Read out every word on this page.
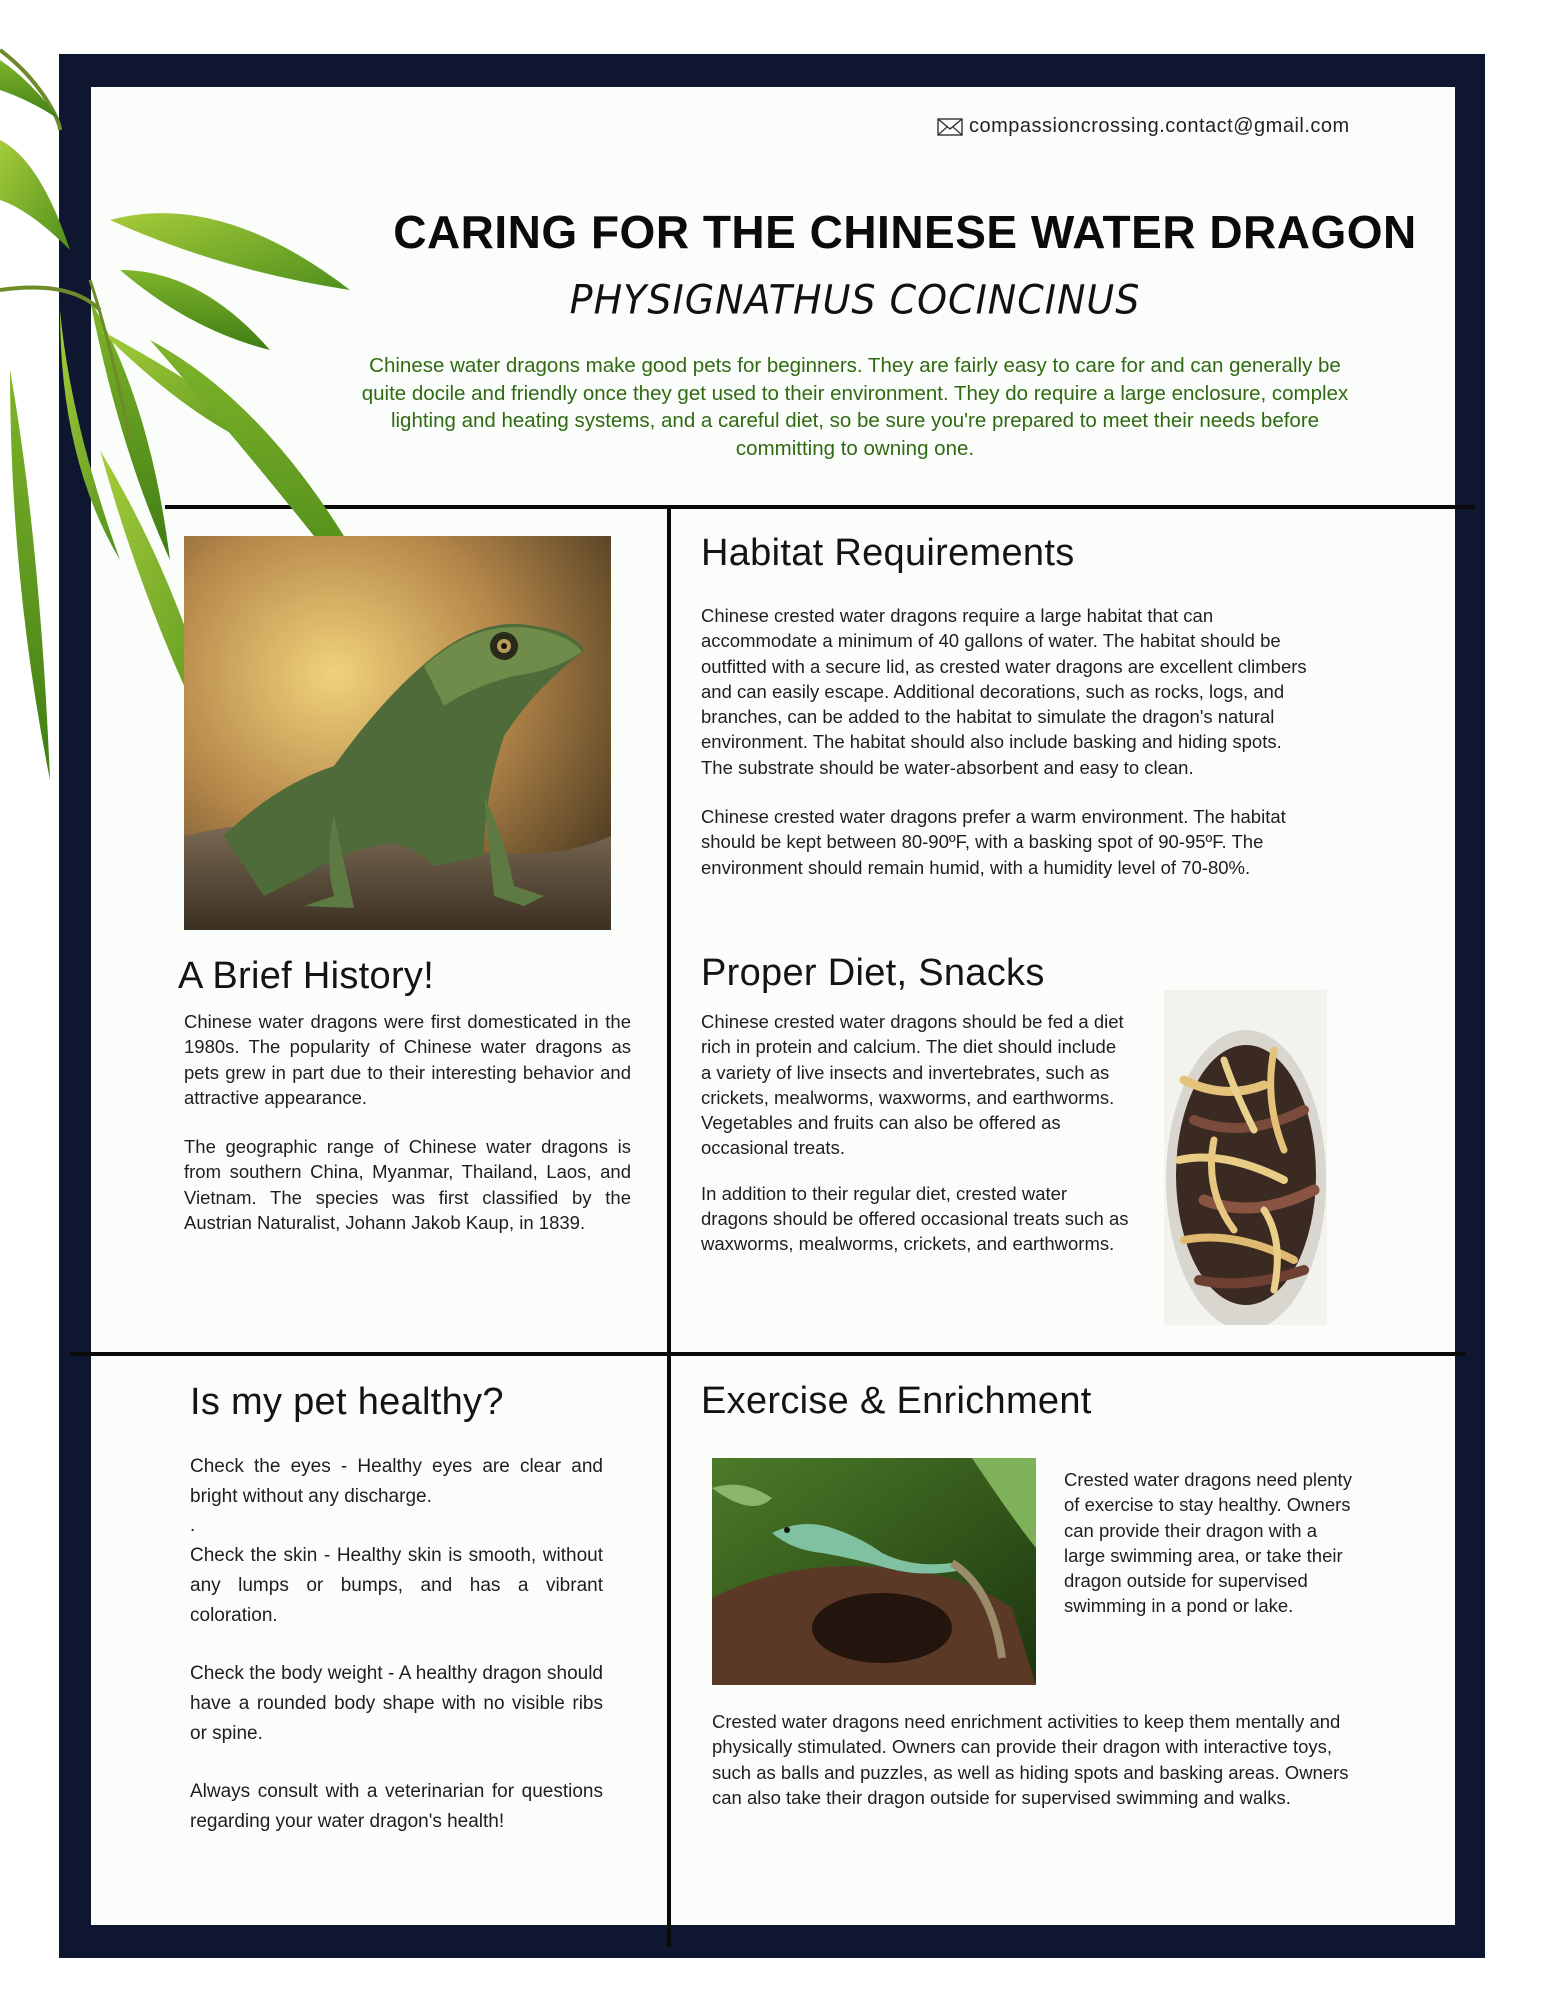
compassioncrossing.contact@gmail.com
CARING FOR THE CHINESE WATER DRAGON
PHYSIGNATHUS COCINCINUS
Chinese water dragons make good pets for beginners. They are fairly easy to care for and can generally be quite docile and friendly once they get used to their environment. They do require a large enclosure, complex lighting and heating systems, and a careful diet, so be sure you're prepared to meet their needs before committing to owning one.
A Brief History!

Chinese water dragons were first domesticated in the 1980s. The popularity of Chinese water dragons as pets grew in part due to their interesting behavior and attractive appearance.

The geographic range of Chinese water dragons is from southern China, Myanmar, Thailand, Laos, and Vietnam. The species was first classified by the Austrian Naturalist, Johann Jakob Kaup, in 1839.

Habitat Requirements

Chinese crested water dragons require a large habitat that can accommodate a minimum of 40 gallons of water. The habitat should be outfitted with a secure lid, as crested water dragons are excellent climbers and can easily escape. Additional decorations, such as rocks, logs, and branches, can be added to the habitat to simulate the dragon's natural environment. The habitat should also include basking and hiding spots. The substrate should be water-absorbent and easy to clean.

Chinese crested water dragons prefer a warm environment. The habitat should be kept between 80-90ºF, with a basking spot of 90-95ºF. The environment should remain humid, with a humidity level of 70-80%.

Proper Diet, Snacks

Chinese crested water dragons should be fed a diet rich in protein and calcium. The diet should include a variety of live insects and invertebrates, such as crickets, mealworms, waxworms, and earthworms. Vegetables and fruits can also be offered as occasional treats.

In addition to their regular diet, crested water dragons should be offered occasional treats such as waxworms, mealworms, crickets, and earthworms.

Is my pet healthy?

Check the eyes - Healthy eyes are clear and bright without any discharge.

.

Check the skin - Healthy skin is smooth, without any lumps or bumps, and has a vibrant coloration.

Check the body weight - A healthy dragon should have a rounded body shape with no visible ribs or spine.

Always consult with a veterinarian for questions regarding your water dragon's health!

Exercise & Enrichment
Crested water dragons need plenty of exercise to stay healthy. Owners can provide their dragon with a large swimming area, or take their dragon outside for supervised swimming in a pond or lake.
Crested water dragons need enrichment activities to keep them mentally and physically stimulated. Owners can provide their dragon with interactive toys, such as balls and puzzles, as well as hiding spots and basking areas. Owners can also take their dragon outside for supervised swimming and walks.
